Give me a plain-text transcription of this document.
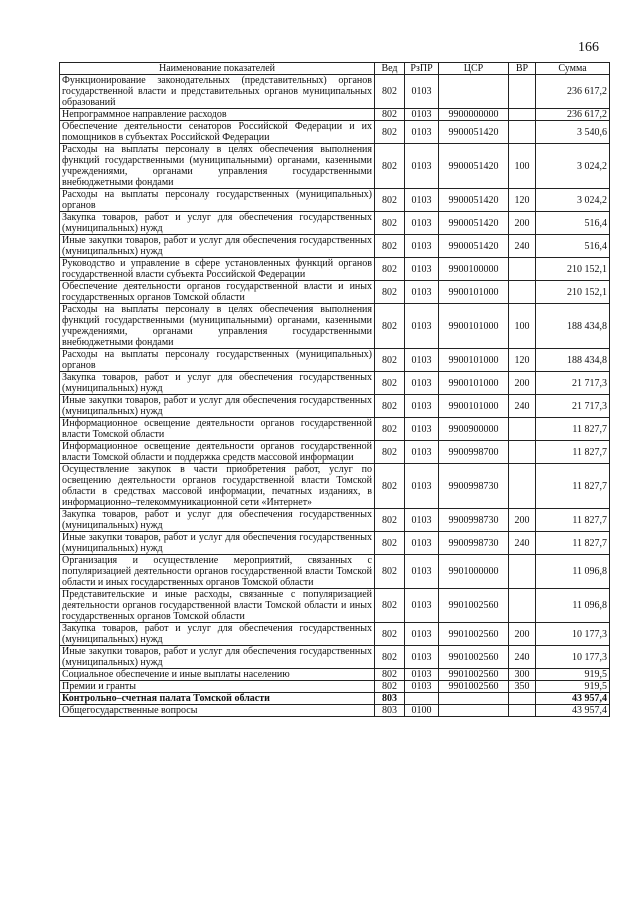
166
Наименование показателей	Вед	РзПР	ЦСР	ВР	Сумма
Функционирование законодательных (представительных) органов государственной власти и представительных органов муниципальных образований	802	0103			236 617,2
Непрограммное направление расходов	802	0103	9900000000		236 617,2
Обеспечение деятельности сенаторов Российской Федерации и их помощников в субъектах Российской Федерации	802	0103	9900051420		3 540,6
Расходы на выплаты персоналу в целях обеспечения выполнения функций государственными (муниципальными) органами, казенными учреждениями, органами управления государственными внебюджетными фондами	802	0103	9900051420	100	3 024,2
Расходы на выплаты персоналу государственных (муниципальных) органов	802	0103	9900051420	120	3 024,2
Закупка товаров, работ и услуг для обеспечения государственных (муниципальных) нужд	802	0103	9900051420	200	516,4
Иные закупки товаров, работ и услуг для обеспечения государственных (муниципальных) нужд	802	0103	9900051420	240	516,4
Руководство и управление в сфере установленных функций органов государственной власти субъекта Российской Федерации	802	0103	9900100000		210 152,1
Обеспечение деятельности органов государственной власти и иных государственных органов Томской области	802	0103	9900101000		210 152,1
Расходы на выплаты персоналу в целях обеспечения выполнения функций государственными (муниципальными) органами, казенными учреждениями, органами управления государственными внебюджетными фондами	802	0103	9900101000	100	188 434,8
Расходы на выплаты персоналу государственных (муниципальных) органов	802	0103	9900101000	120	188 434,8
Закупка товаров, работ и услуг для обеспечения государственных (муниципальных) нужд	802	0103	9900101000	200	21 717,3
Иные закупки товаров, работ и услуг для обеспечения государственных (муниципальных) нужд	802	0103	9900101000	240	21 717,3
Информационное освещение деятельности органов государственной власти Томской области	802	0103	9900900000		11 827,7
Информационное освещение деятельности органов государственной власти Томской области и поддержка средств массовой информации	802	0103	9900998700		11 827,7
Осуществление закупок в части приобретения работ, услуг по освещению деятельности органов государственной власти Томской области в средствах массовой информации, печатных изданиях, в информационно–телекоммуникационной сети «Интернет»	802	0103	9900998730		11 827,7
Закупка товаров, работ и услуг для обеспечения государственных (муниципальных) нужд	802	0103	9900998730	200	11 827,7
Иные закупки товаров, работ и услуг для обеспечения государственных (муниципальных) нужд	802	0103	9900998730	240	11 827,7
Организация и осуществление мероприятий, связанных с популяризацией деятельности органов государственной власти Томской области и иных государственных органов Томской области	802	0103	9901000000		11 096,8
Представительские и иные расходы, связанные с популяризацией деятельности органов государственной власти Томской области и иных государственных органов Томской области	802	0103	9901002560		11 096,8
Закупка товаров, работ и услуг для обеспечения государственных (муниципальных) нужд	802	0103	9901002560	200	10 177,3
Иные закупки товаров, работ и услуг для обеспечения государственных (муниципальных) нужд	802	0103	9901002560	240	10 177,3
Социальное обеспечение и иные выплаты населению	802	0103	9901002560	300	919,5
Премии и гранты	802	0103	9901002560	350	919,5
Контрольно–счетная палата Томской области	803				43 957,4
Общегосударственные вопросы	803	0100			43 957,4
